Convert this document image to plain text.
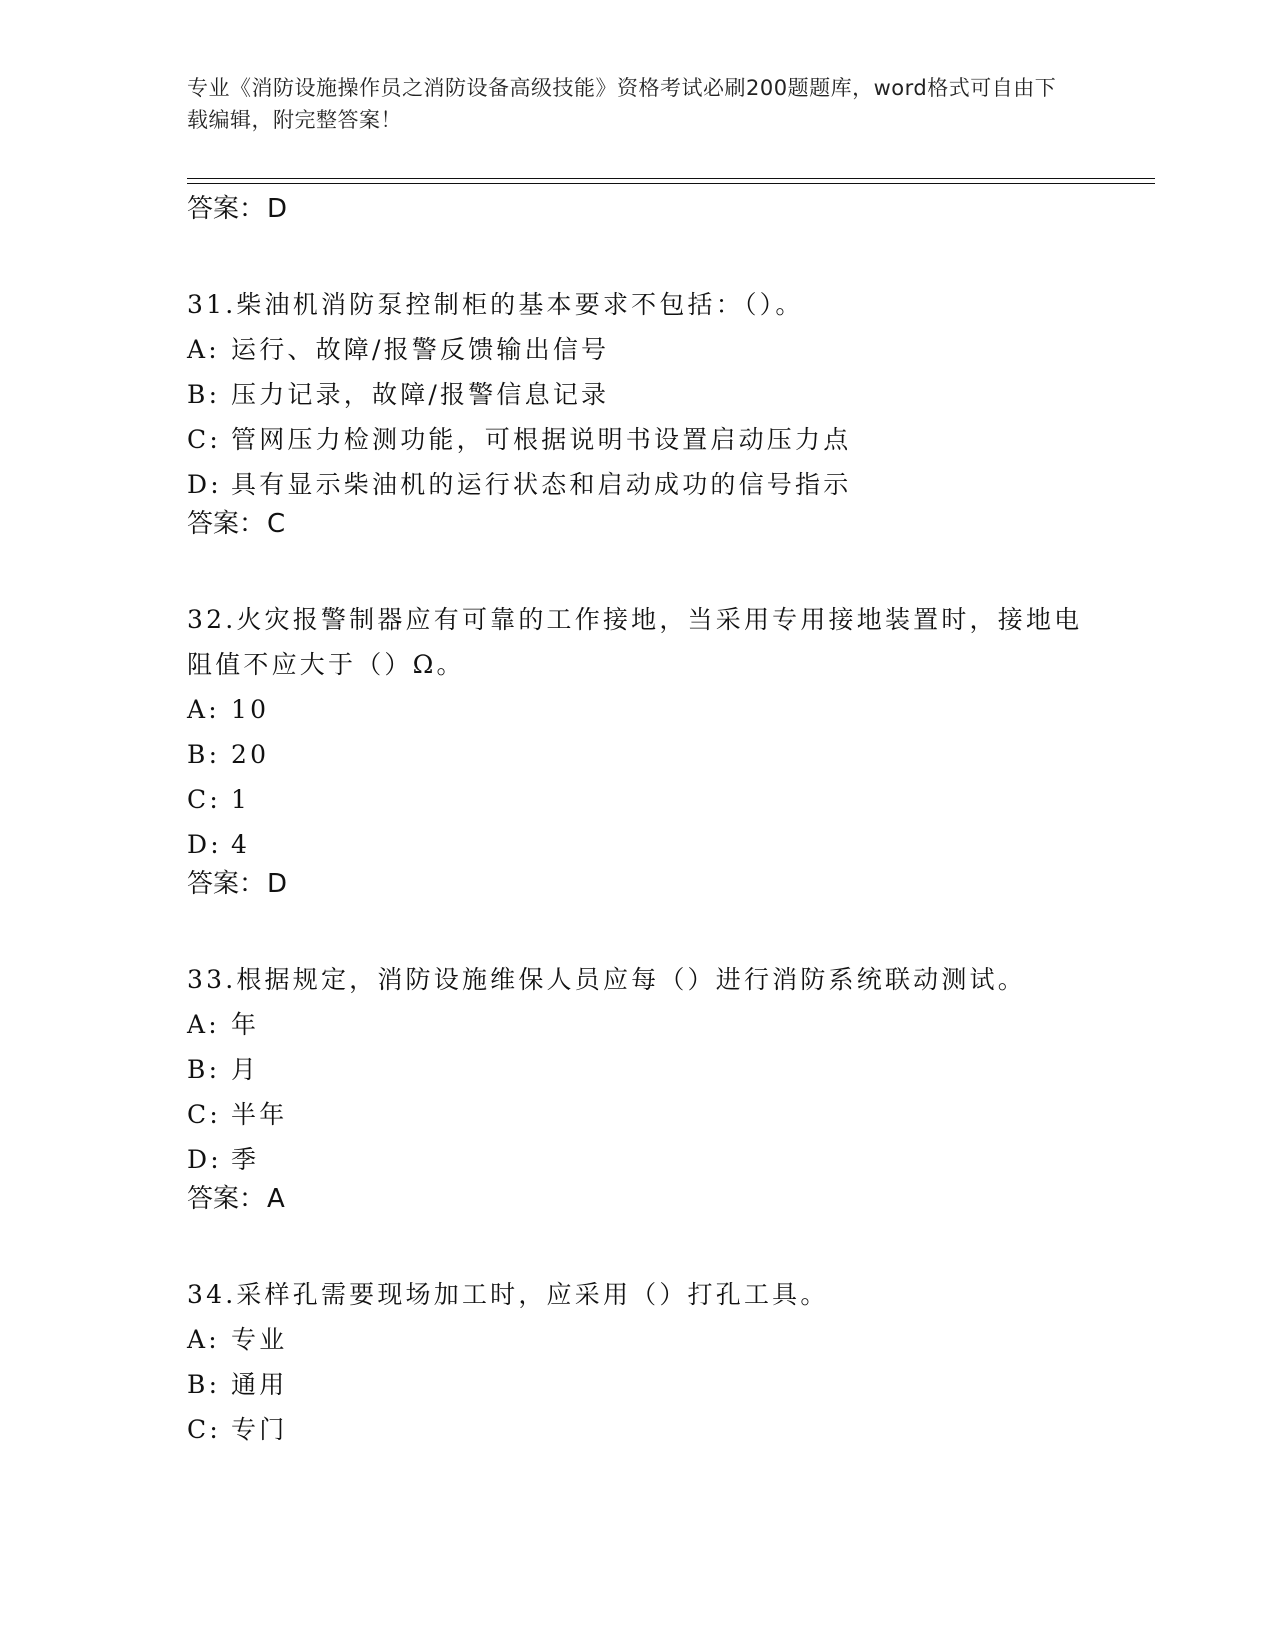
专业《消防设施操作员之消防设备高级技能》资格考试必刷200题题库，word格式可自由下载编辑，附完整答案！

答案：D

31.柴油机消防泵控制柜的基本要求不包括：（）。

A: 运行、故障/报警反馈输出信号

B: 压力记录，故障/报警信息记录

C: 管网压力检测功能，可根据说明书设置启动压力点

D: 具有显示柴油机的运行状态和启动成功的信号指示

答案：C

32.火灾报警制器应有可靠的工作接地，当采用专用接地装置时，接地电阻值不应大于（）Ω。

A: 10

B: 20

C: 1

D: 4

答案：D

33.根据规定，消防设施维保人员应每（）进行消防系统联动测试。

A: 年

B: 月

C: 半年

D: 季

答案：A

34.采样孔需要现场加工时，应采用（）打孔工具。

A: 专业

B: 通用

C: 专门
